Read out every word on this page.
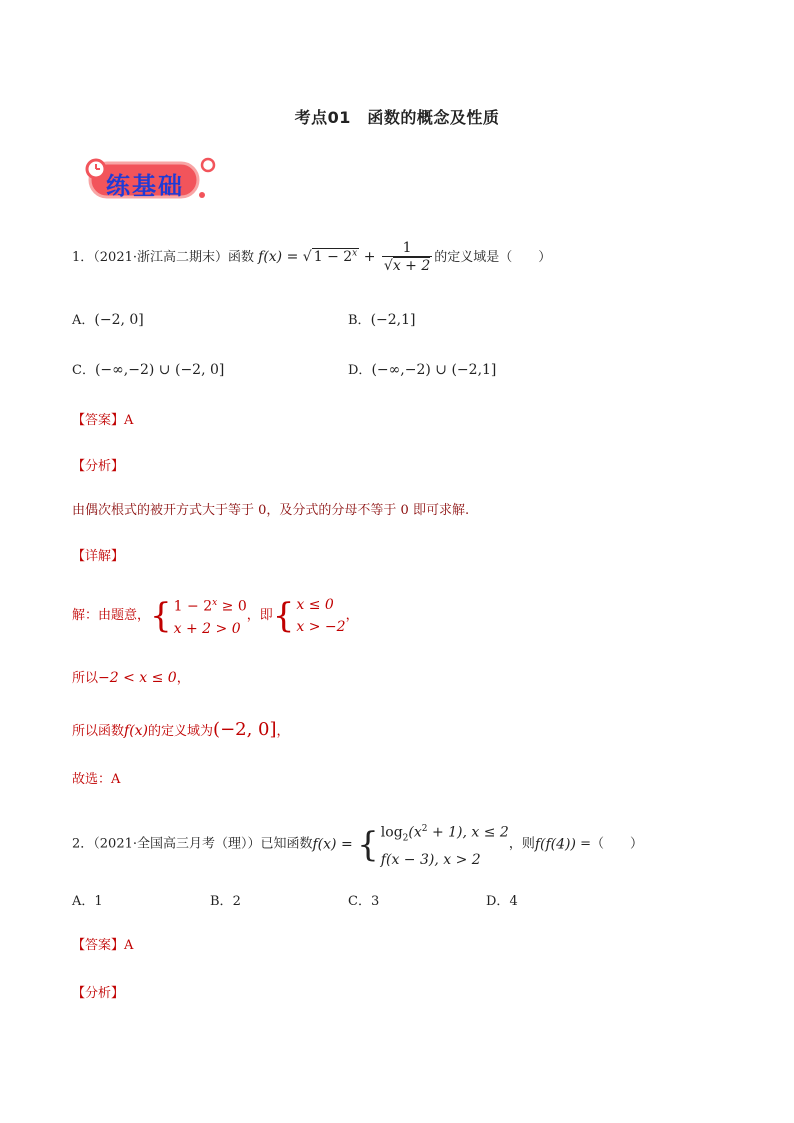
考点01　函数的概念及性质
练基础
1．（2021·浙江高二期末）函数 f(x) = √ $1 - 2^x + \frac{1}{√x + 2}$ 的定义域是（　　）
A．(−2, 0]	B．(−2,1]
C．(−∞,−2) ∪ (−2, 0]	D．(−∞,−2) ∪ (−2,1]
【答案】A
【分析】
由偶次根式的被开方式大于等于 0，及分式的分母不等于 0 即可求解.
【详解】
解：由题意，{ $1 - 2^x \ge 0$
x + 2 > 0
，即{ x ≤ 0
x > −2
，
所以−2 < x ≤ 0，
所以函数f(x)的定义域为(−2, 0]，
故选：A
2．（2021·全国高三月考（理））已知函数f(x) = { $\log_2(x^2 + 1)$, x ≤ 2
f(x − 3), x > 2
，则f(f(4)) =（　　）
A．1	B．2	C．3	D．4
【答案】A
【分析】
